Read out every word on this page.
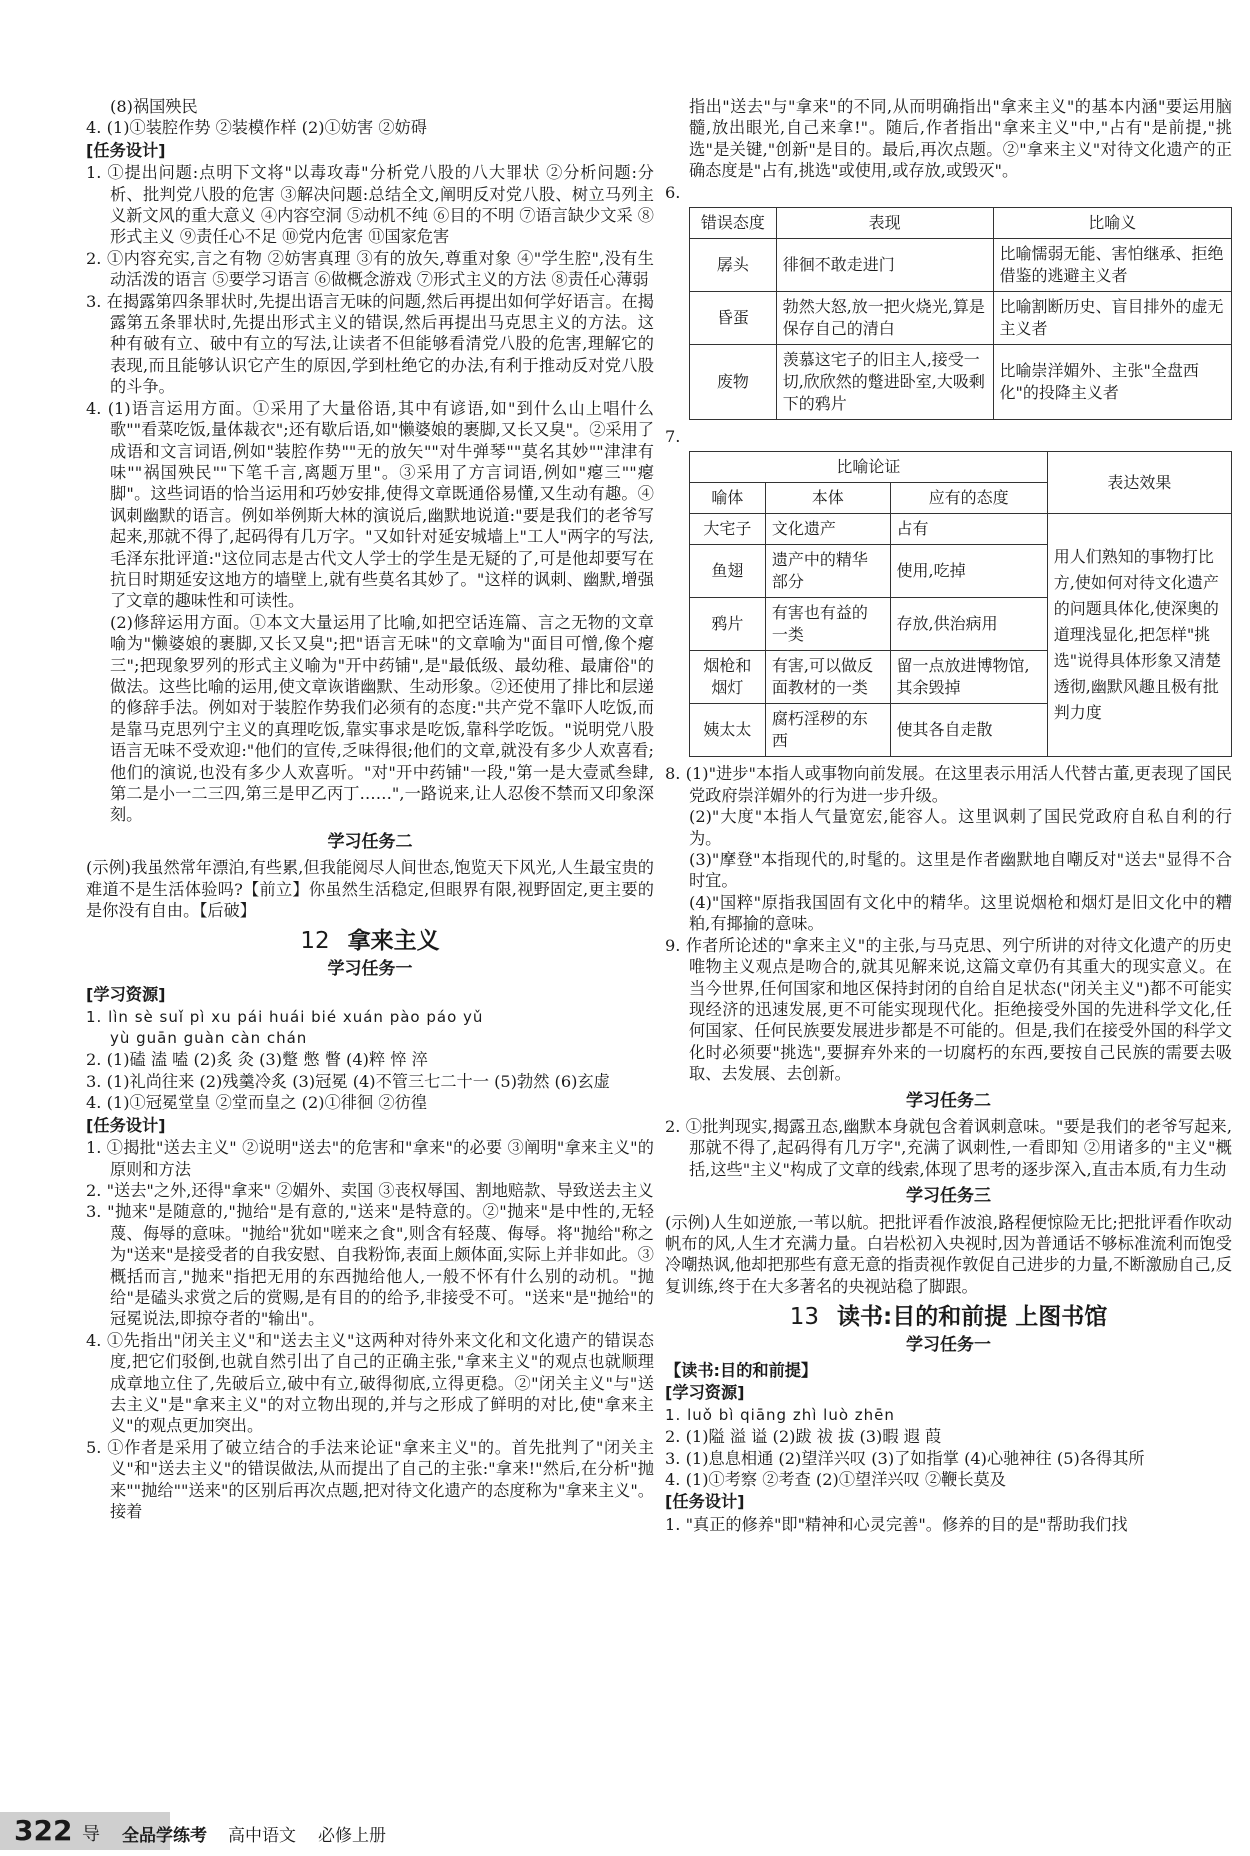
(8)祸国殃民

4. (1)①装腔作势 ②装模作样 (2)①妨害 ②妨碍

[任务设计]

1. ①提出问题:点明下文将"以毒攻毒"分析党八股的八大罪状 ②分析问题:分析、批判党八股的危害 ③解决问题:总结全文,阐明反对党八股、树立马列主义新文风的重大意义 ④内容空洞 ⑤动机不纯 ⑥目的不明 ⑦语言缺少文采 ⑧形式主义 ⑨责任心不足 ⑩党内危害 ⑪国家危害

2. ①内容充实,言之有物 ②妨害真理 ③有的放矢,尊重对象 ④"学生腔",没有生动活泼的语言 ⑤要学习语言 ⑥做概念游戏 ⑦形式主义的方法 ⑧责任心薄弱

3. 在揭露第四条罪状时,先提出语言无味的问题,然后再提出如何学好语言。在揭露第五条罪状时,先提出形式主义的错误,然后再提出马克思主义的方法。这种有破有立、破中有立的写法,让读者不但能够看清党八股的危害,理解它的表现,而且能够认识它产生的原因,学到杜绝它的办法,有利于推动反对党八股的斗争。

4. (1)语言运用方面。①采用了大量俗语,其中有谚语,如"到什么山上唱什么歌""看菜吃饭,量体裁衣";还有歇后语,如"懒婆娘的裹脚,又长又臭"。②采用了成语和文言词语,例如"装腔作势""无的放矢""对牛弹琴""莫名其妙""津津有味""祸国殃民""下笔千言,离题万里"。③采用了方言词语,例如"瘪三""瘪脚"。这些词语的恰当运用和巧妙安排,使得文章既通俗易懂,又生动有趣。④讽刺幽默的语言。例如举例斯大林的演说后,幽默地说道:"要是我们的老爷写起来,那就不得了,起码得有几万字。"又如针对延安城墙上"工人"两字的写法,毛泽东批评道:"这位同志是古代文人学士的学生是无疑的了,可是他却要写在抗日时期延安这地方的墙壁上,就有些莫名其妙了。"这样的讽刺、幽默,增强了文章的趣味性和可读性。

(2)修辞运用方面。①本文大量运用了比喻,如把空话连篇、言之无物的文章喻为"懒婆娘的裹脚,又长又臭";把"语言无味"的文章喻为"面目可憎,像个瘪三";把现象罗列的形式主义喻为"开中药铺",是"最低级、最幼稚、最庸俗"的做法。这些比喻的运用,使文章诙谐幽默、生动形象。②还使用了排比和层递的修辞手法。例如对于装腔作势我们必须有的态度:"共产党不靠吓人吃饭,而是靠马克思列宁主义的真理吃饭,靠实事求是吃饭,靠科学吃饭。"说明党八股语言无味不受欢迎:"他们的宣传,乏味得很;他们的文章,就没有多少人欢喜看;他们的演说,也没有多少人欢喜听。"对"开中药铺"一段,"第一是大壹贰叁肆,第二是小一二三四,第三是甲乙丙丁……",一路说来,让人忍俊不禁而又印象深刻。

学习任务二

(示例)我虽然常年漂泊,有些累,但我能阅尽人间世态,饱览天下风光,人生最宝贵的难道不是生活体验吗?【前立】你虽然生活稳定,但眼界有限,视野固定,更主要的是你没有自由。【后破】

12 拿来主义

学习任务一

[学习资源]

1. lìn sè suǐ pì xu pái huái bié xuán pào páo yǔ

yù guān guàn càn chán

2. (1)磕 溘 嗑 (2)炙 灸 (3)蹩 憋 瞥 (4)粹 悴 淬

3. (1)礼尚往来 (2)残羹冷炙 (3)冠冕 (4)不管三七二十一 (5)勃然 (6)玄虚

4. (1)①冠冕堂皇 ②堂而皇之 (2)①徘徊 ②彷徨

[任务设计]

1. ①揭批"送去主义" ②说明"送去"的危害和"拿来"的必要 ③阐明"拿来主义"的原则和方法

2. "送去"之外,还得"拿来" ②媚外、卖国 ③丧权辱国、割地赔款、导致送去主义

3. "抛来"是随意的,"抛给"是有意的,"送来"是特意的。②"抛来"是中性的,无轻蔑、侮辱的意味。"抛给"犹如"嗟来之食",则含有轻蔑、侮辱。将"抛给"称之为"送来"是接受者的自我安慰、自我粉饰,表面上颇体面,实际上并非如此。③概括而言,"抛来"指把无用的东西抛给他人,一般不怀有什么别的动机。"抛给"是磕头求赏之后的赏赐,是有目的的给予,非接受不可。"送来"是"抛给"的冠冕说法,即掠夺者的"输出"。

4. ①先指出"闭关主义"和"送去主义"这两种对待外来文化和文化遗产的错误态度,把它们驳倒,也就自然引出了自己的正确主张,"拿来主义"的观点也就顺理成章地立住了,先破后立,破中有立,破得彻底,立得更稳。②"闭关主义"与"送去主义"是"拿来主义"的对立物出现的,并与之形成了鲜明的对比,使"拿来主义"的观点更加突出。

5. ①作者是采用了破立结合的手法来论证"拿来主义"的。首先批判了"闭关主义"和"送去主义"的错误做法,从而提出了自己的主张:"拿来!"然后,在分析"抛来""抛给""送来"的区别后再次点题,把对待文化遗产的态度称为"拿来主义"。接着

指出"送去"与"拿来"的不同,从而明确指出"拿来主义"的基本内涵"要运用脑髓,放出眼光,自己来拿!"。随后,作者指出"拿来主义"中,"占有"是前提,"挑选"是关键,"创新"是目的。最后,再次点题。②"拿来主义"对待文化遗产的正确态度是"占有,挑选"或使用,或存放,或毁灭"。

6.

错误态度	表现	比喻义
孱头	徘徊不敢走进门	比喻懦弱无能、害怕继承、拒绝借鉴的逃避主义者
昏蛋	勃然大怒,放一把火烧光,算是保存自己的清白	比喻割断历史、盲目排外的虚无主义者
废物	羡慕这宅子的旧主人,接受一切,欣欣然的蹩进卧室,大吸剩下的鸦片	比喻崇洋媚外、主张"全盘西化"的投降主义者

7.

比喻论证			表达效果
喻体	本体	应有的态度	
大宅子	文化遗产	占有	用人们熟知的事物打比方,使如何对待文化遗产的问题具体化,使深奥的道理浅显化,把怎样"挑选"说得具体形象又清楚透彻,幽默风趣且极有批判力度
鱼翅	遗产中的精华部分	使用,吃掉	
鸦片	有害也有益的一类	存放,供治病用	
烟枪和烟灯	有害,可以做反面教材的一类	留一点放进博物馆,其余毁掉	
姨太太	腐朽淫秽的东西	使其各自走散	

8. (1)"进步"本指人或事物向前发展。在这里表示用活人代替古董,更表现了国民党政府崇洋媚外的行为进一步升级。

(2)"大度"本指人气量宽宏,能容人。这里讽刺了国民党政府自私自利的行为。

(3)"摩登"本指现代的,时髦的。这里是作者幽默地自嘲反对"送去"显得不合时宜。

(4)"国粹"原指我国固有文化中的精华。这里说烟枪和烟灯是旧文化中的糟粕,有揶揄的意味。

9. 作者所论述的"拿来主义"的主张,与马克思、列宁所讲的对待文化遗产的历史唯物主义观点是吻合的,就其见解来说,这篇文章仍有其重大的现实意义。在当今世界,任何国家和地区保持封闭的自给自足状态("闭关主义")都不可能实现经济的迅速发展,更不可能实现现代化。拒绝接受外国的先进科学文化,任何国家、任何民族要发展进步都是不可能的。但是,我们在接受外国的科学文化时必须要"挑选",要摒弃外来的一切腐朽的东西,要按自己民族的需要去吸取、去发展、去创新。

学习任务二

2. ①批判现实,揭露丑态,幽默本身就包含着讽刺意味。"要是我们的老爷写起来,那就不得了,起码得有几万字",充满了讽刺性,一看即知 ②用诸多的"主义"概括,这些"主义"构成了文章的线索,体现了思考的逐步深入,直击本质,有力生动

学习任务三

(示例)人生如逆旅,一苇以航。把批评看作波浪,路程便惊险无比;把批评看作吹动帆布的风,人生才充满力量。白岩松初入央视时,因为普通话不够标准流利而饱受冷嘲热讽,他却把那些有意无意的指责视作敦促自己进步的力量,不断激励自己,反复训练,终于在大多著名的央视站稳了脚跟。

13 读书:目的和前提 上图书馆

学习任务一

【读书:目的和前提】

[学习资源]

1. luǒ bì qiāng zhì luò zhēn

2. (1)隘 溢 谥 (2)跋 祓 拔 (3)暇 遐 葭

3. (1)息息相通 (2)望洋兴叹 (3)了如指掌 (4)心驰神往 (5)各得其所

4. (1)①考察 ②考查 (2)①望洋兴叹 ②鞭长莫及

[任务设计]

1. "真正的修养"即"精神和心灵完善"。修养的目的是"帮助我们找

322 导 全品学练考 高中语文 必修上册
